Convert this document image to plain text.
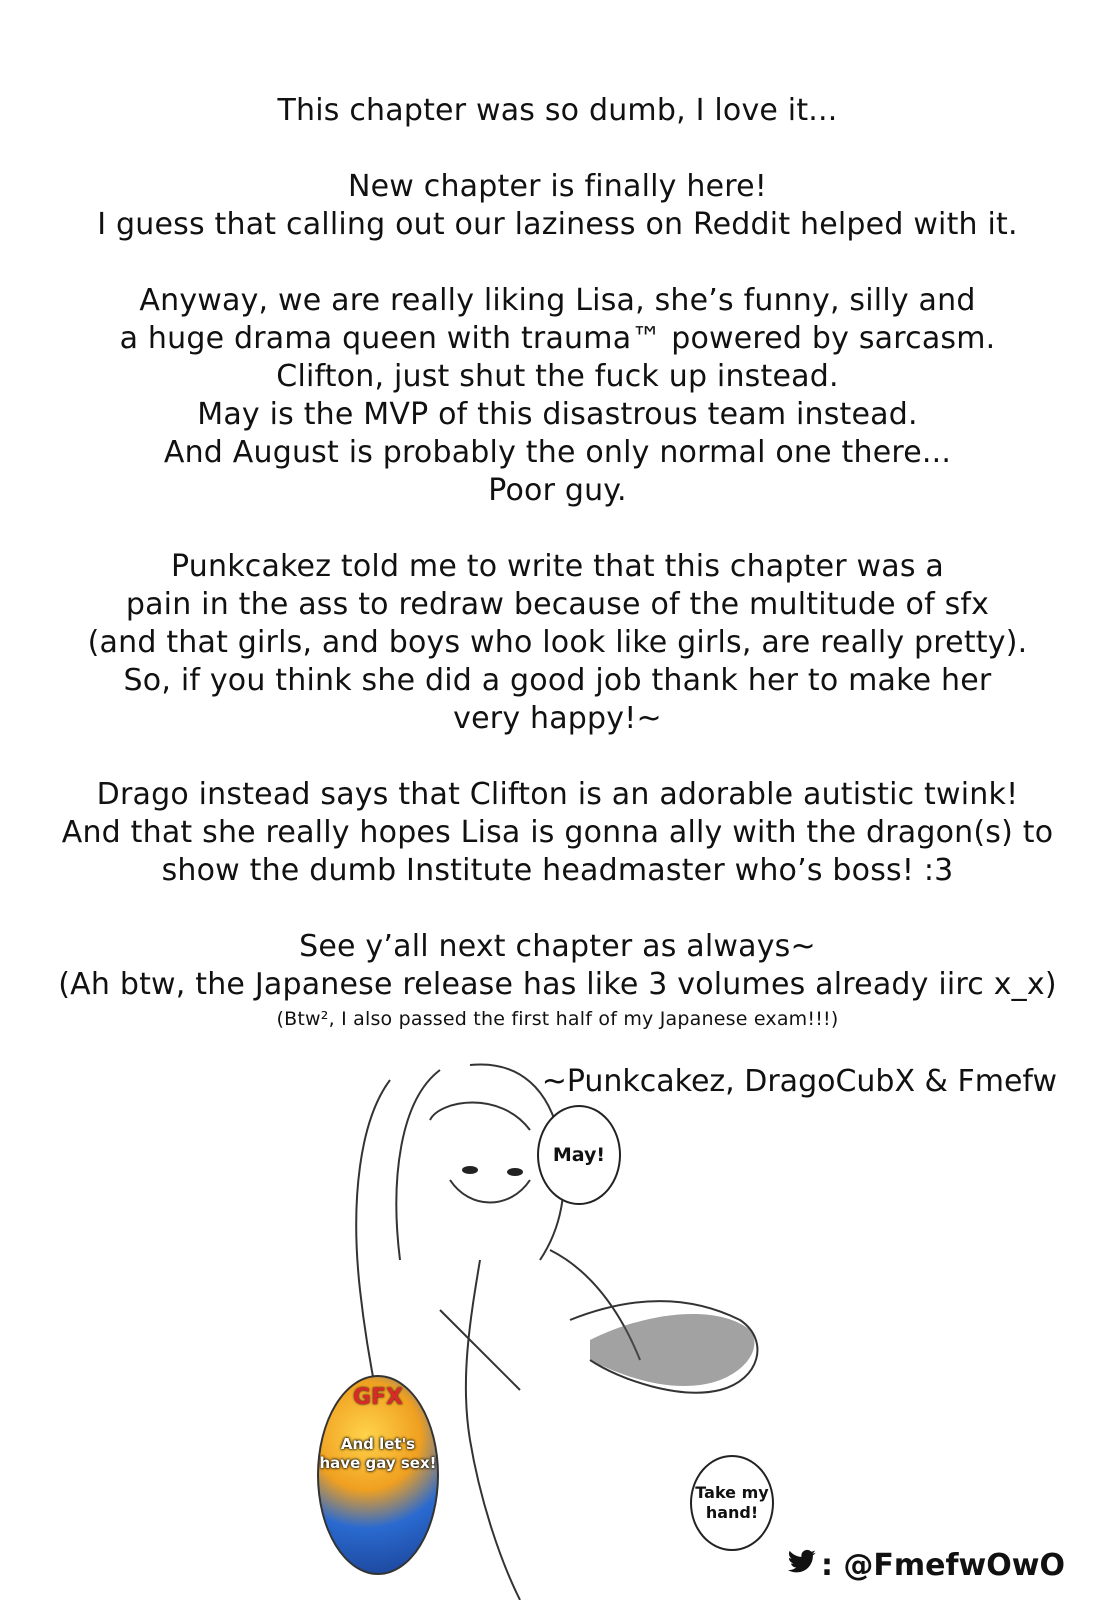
This chapter was so dumb, I love it...

New chapter is finally here!
I guess that calling out our laziness on Reddit helped with it.

Anyway, we are really liking Lisa, she’s funny, silly and
a huge drama queen with trauma™ powered by sarcasm.
Clifton, just shut the fuck up instead.
May is the MVP of this disastrous team instead.
And August is probably the only normal one there...
Poor guy.

Punkcakez told me to write that this chapter was a
pain in the ass to redraw because of the multitude of sfx
(and that girls, and boys who look like girls, are really pretty).
So, if you think she did a good job thank her to make her
very happy!~

Drago instead says that Clifton is an adorable autistic twink!
And that she really hopes Lisa is gonna ally with the dragon(s) to
show the dumb Institute headmaster who’s boss! :3

See y’all next chapter as always~
(Ah btw, the Japanese release has like 3 volumes already iirc x_x)
(Btw², I also passed the first half of my Japanese exam!!!)

~Punkcakez, DragoCubX & Fmefw
May!
Take my hand!
GFX
And let's have gay sex!
: @FmefwOwO
